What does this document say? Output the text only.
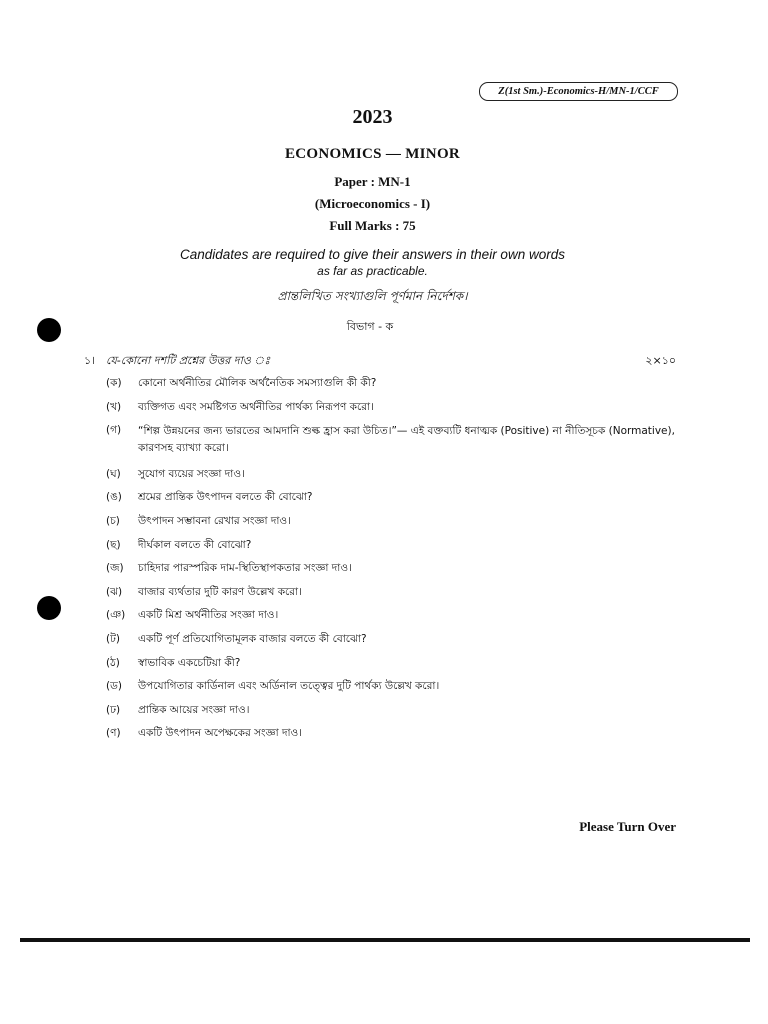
Z(1st Sm.)-Economics-H/MN-1/CCF
2023
ECONOMICS — MINOR
Paper : MN-1
(Microeconomics - I)
Full Marks : 75
Candidates are required to give their answers in their own words
as far as practicable.
প্রান্তলিখিত সংখ্যাগুলি পূর্ণমান নির্দেশক।
বিভাগ - ক
১। যে-কোনো দশটি প্রশ্নের উত্তর দাও ঃ	২×১০
(ক) কোনো অর্থনীতির মৌলিক অর্থনৈতিক সমস্যাগুলি কী কী?
(খ) ব্যক্তিগত এবং সমষ্টিগত অর্থনীতির পার্থক্য নিরূপণ করো।
(গ) “শিল্প উন্নয়নের জন্য ভারতের আমদানি শুল্ক হ্রাস করা উচিত।”— এই বক্তব্যটি ধনাত্মক (Positive) না নীতিসূচক (Normative), কারণসহ ব্যাখ্যা করো।
(ঘ) সুযোগ ব্যয়ের সংজ্ঞা দাও।
(ঙ) শ্রমের প্রান্তিক উৎপাদন বলতে কী বোঝো?
(চ) উৎপাদন সম্ভাবনা রেখার সংজ্ঞা দাও।
(ছ) দীর্ঘকাল বলতে কী বোঝো?
(জ) চাহিদার পারস্পরিক দাম-স্থিতিস্থাপকতার সংজ্ঞা দাও।
(ঝ) বাজার ব্যর্থতার দুটি কারণ উল্লেখ করো।
(ঞ) একটি মিশ্র অর্থনীতির সংজ্ঞা দাও।
(ট) একটি পূর্ণ প্রতিযোগিতামূলক বাজার বলতে কী বোঝো?
(ঠ) স্বাভাবিক একচেটিয়া কী?
(ড) উপযোগিতার কার্ডিনাল এবং অর্ডিনাল তত্ত্বের দুটি পার্থক্য উল্লেখ করো।
(ঢ) প্রান্তিক আয়ের সংজ্ঞা দাও।
(ণ) একটি উৎপাদন অপেক্ষকের সংজ্ঞা দাও।
Please Turn Over
